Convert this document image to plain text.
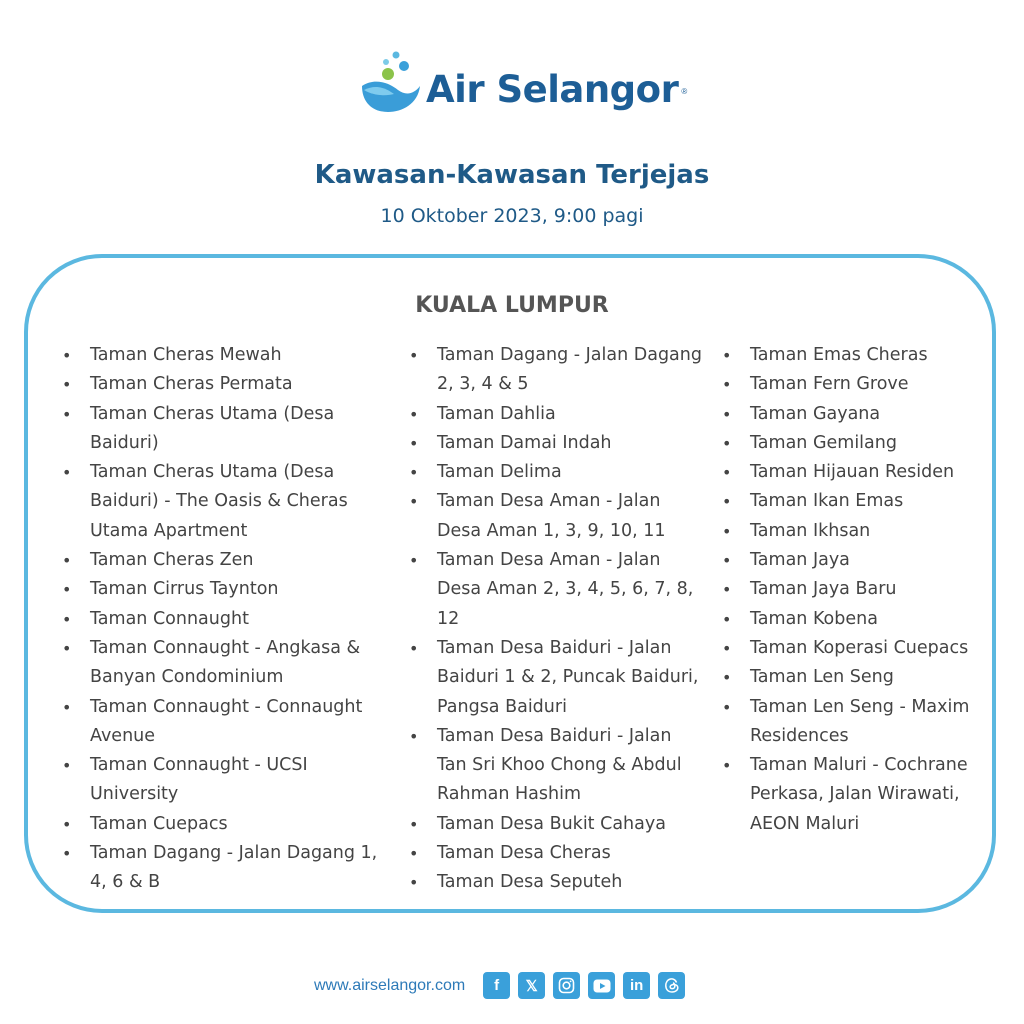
Air Selangor ®
Kawasan-Kawasan Terjejas
10 Oktober 2023, 9:00 pagi
KUALA LUMPUR
• Taman Cheras Mewah
• Taman Cheras Permata
• Taman Cheras Utama (Desa Baiduri)
• Taman Cheras Utama (Desa Baiduri) - The Oasis & Cheras Utama Apartment
• Taman Cheras Zen
• Taman Cirrus Taynton
• Taman Connaught
• Taman Connaught - Angkasa & Banyan Condominium
• Taman Connaught - Connaught Avenue
• Taman Connaught - UCSI University
• Taman Cuepacs
• Taman Dagang - Jalan Dagang 1, 4, 6 & B
• Taman Dagang - Jalan Dagang 2, 3, 4 & 5
• Taman Dahlia
• Taman Damai Indah
• Taman Delima
• Taman Desa Aman - Jalan Desa Aman 1, 3, 9, 10, 11
• Taman Desa Aman - Jalan Desa Aman 2, 3, 4, 5, 6, 7, 8, 12
• Taman Desa Baiduri - Jalan Baiduri 1 & 2, Puncak Baiduri, Pangsa Baiduri
• Taman Desa Baiduri - Jalan Tan Sri Khoo Chong & Abdul Rahman Hashim
• Taman Desa Bukit Cahaya
• Taman Desa Cheras
• Taman Desa Seputeh
• Taman Emas Cheras
• Taman Fern Grove
• Taman Gayana
• Taman Gemilang
• Taman Hijauan Residen
• Taman Ikan Emas
• Taman Ikhsan
• Taman Jaya
• Taman Jaya Baru
• Taman Kobena
• Taman Koperasi Cuepacs
• Taman Len Seng
• Taman Len Seng - Maxim Residences
• Taman Maluri - Cochrane Perkasa, Jalan Wirawati, AEON Maluri
www.airselangor.com	f	𝕏	in
